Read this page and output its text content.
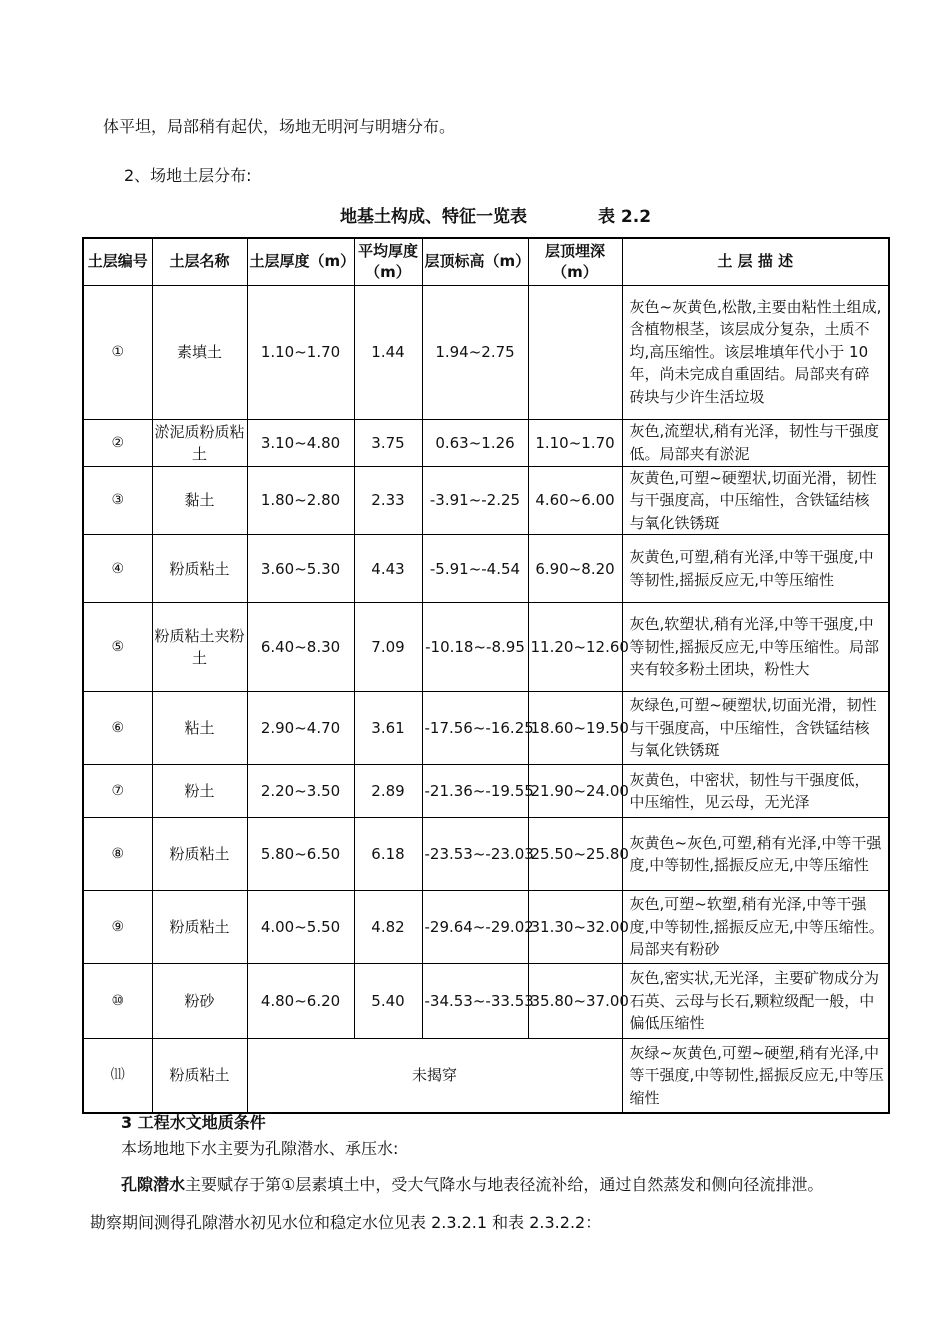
体平坦，局部稍有起伏，场地无明河与明塘分布。
2、场地土层分布:
地基土构成、特征一览表	表 2.2
土层编号	土层名称	土层厚度（m）	平均厚度（m）	层顶标高（m）	层顶埋深（m）	土 层 描 述
①	素填土	1.10~1.70	1.44	1.94~2.75		灰色~灰黄色,松散,主要由粘性土组成,含植物根茎，该层成分复杂，土质不均,高压缩性。该层堆填年代小于 10 年，尚未完成自重固结。局部夹有碎砖块与少许生活垃圾
②	淤泥质粉质粘土	3.10~4.80	3.75	0.63~1.26	1.10~1.70	灰色,流塑状,稍有光泽，韧性与干强度低。局部夹有淤泥
③	黏土	1.80~2.80	2.33	-3.91~-2.25	4.60~6.00	灰黄色,可塑~硬塑状,切面光滑，韧性与干强度高，中压缩性，含铁锰结核与氧化铁锈斑
④	粉质粘土	3.60~5.30	4.43	-5.91~-4.54	6.90~8.20	灰黄色,可塑,稍有光泽,中等干强度,中等韧性,摇振反应无,中等压缩性
⑤	粉质粘土夹粉土	6.40~8.30	7.09	-10.18~-8.95	11.20~12.60	灰色,软塑状,稍有光泽,中等干强度,中等韧性,摇振反应无,中等压缩性。局部夹有较多粉土团块，粉性大
⑥	粘土	2.90~4.70	3.61	-17.56~-16.25	18.60~19.50	灰绿色,可塑~硬塑状,切面光滑，韧性与干强度高，中压缩性，含铁锰结核与氧化铁锈斑
⑦	粉土	2.20~3.50	2.89	-21.36~-19.55	21.90~24.00	灰黄色，中密状，韧性与干强度低，中压缩性，见云母，无光泽
⑧	粉质粘土	5.80~6.50	6.18	-23.53~-23.03	25.50~25.80	灰黄色~灰色,可塑,稍有光泽,中等干强度,中等韧性,摇振反应无,中等压缩性
⑨	粉质粘土	4.00~5.50	4.82	-29.64~-29.02	31.30~32.00	灰色,可塑~软塑,稍有光泽,中等干强度,中等韧性,摇振反应无,中等压缩性。局部夹有粉砂
⑩	粉砂	4.80~6.20	5.40	-34.53~-33.53	35.80~37.00	灰色,密实状,无光泽，主要矿物成分为石英、云母与长石,颗粒级配一般，中偏低压缩性
⑾	粉质粘土	未揭穿				灰绿~灰黄色,可塑~硬塑,稍有光泽,中等干强度,中等韧性,摇振反应无,中等压缩性
3 工程水文地质条件
本场地地下水主要为孔隙潜水、承压水:
孔隙潜水主要赋存于第①层素填土中，受大气降水与地表径流补给，通过自然蒸发和侧向径流排泄。
勘察期间测得孔隙潜水初见水位和稳定水位见表 2.3.2.1 和表 2.3.2.2：
